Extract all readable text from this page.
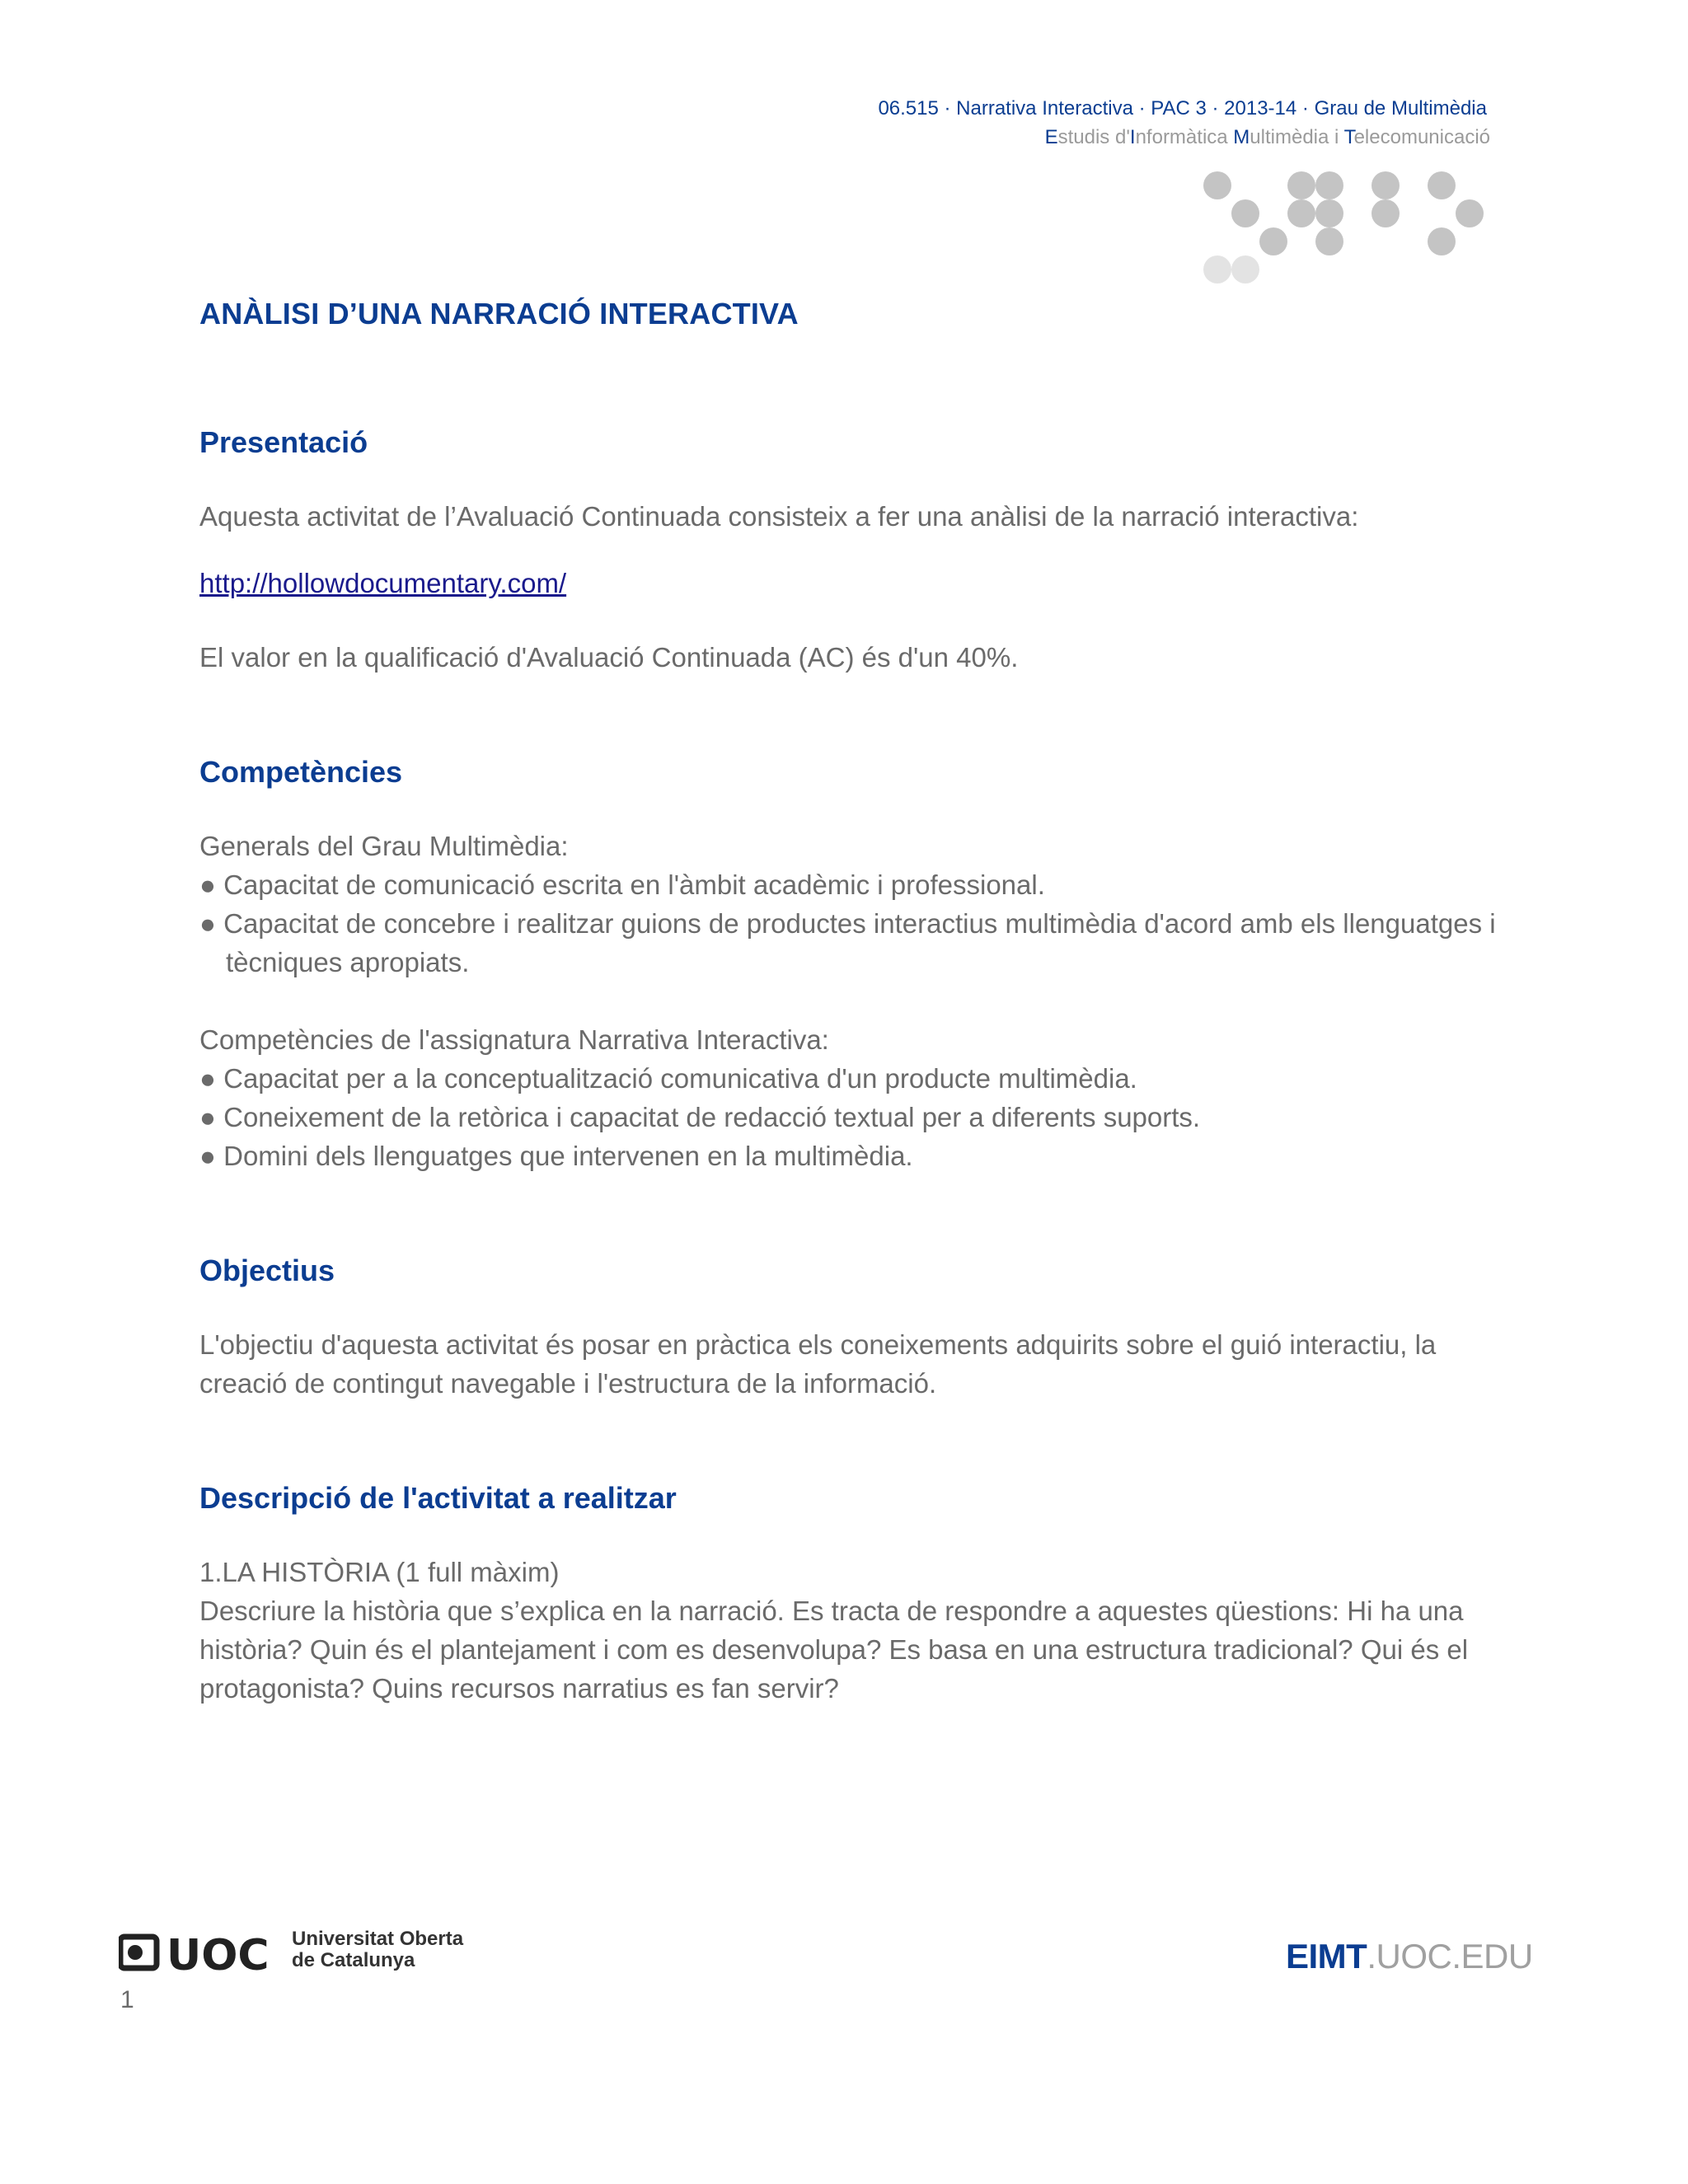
06.515 · Narrativa Interactiva · PAC 3 · 2013-14 · Grau de Multimèdia
Estudis d'Informàtica Multimèdia i Telecomunicació
ANÀLISI D’UNA NARRACIÓ INTERACTIVA
Presentació

Aquesta activitat de l’Avaluació Continuada consisteix a fer una anàlisi de la narració interactiva:

http://hollowdocumentary.com/

El valor en la qualificació d'Avaluació Continuada (AC) és d'un 40%.

Competències

Generals del Grau Multimèdia:

● Capacitat de comunicació escrita en l'àmbit acadèmic i professional.
● Capacitat de concebre i realitzar guions de productes interactius multimèdia d'acord amb els llenguatges i tècniques apropiats.

Competències de l'assignatura Narrativa Interactiva:

● Capacitat per a la conceptualització comunicativa d'un producte multimèdia.
● Coneixement de la retòrica i capacitat de redacció textual per a diferents suports.
● Domini dels llenguatges que intervenen en la multimèdia.
Objectius

L'objectiu d'aquesta activitat és posar en pràctica els coneixements adquirits sobre el guió interactiu, la creació de contingut navegable i l'estructura de la informació.

Descripció de l'activitat a realitzar

1.LA HISTÒRIA (1 full màxim)

Descriure la història que s’explica en la narració. Es tracta de respondre a aquestes qüestions: Hi ha una història? Quin és el plantejament i com es desenvolupa? Es basa en una estructura tradicional? Qui és el protagonista? Quins recursos narratius es fan servir?

UOC Universitat Oberta
de Catalunya	EIMT.UOC.EDU
1
